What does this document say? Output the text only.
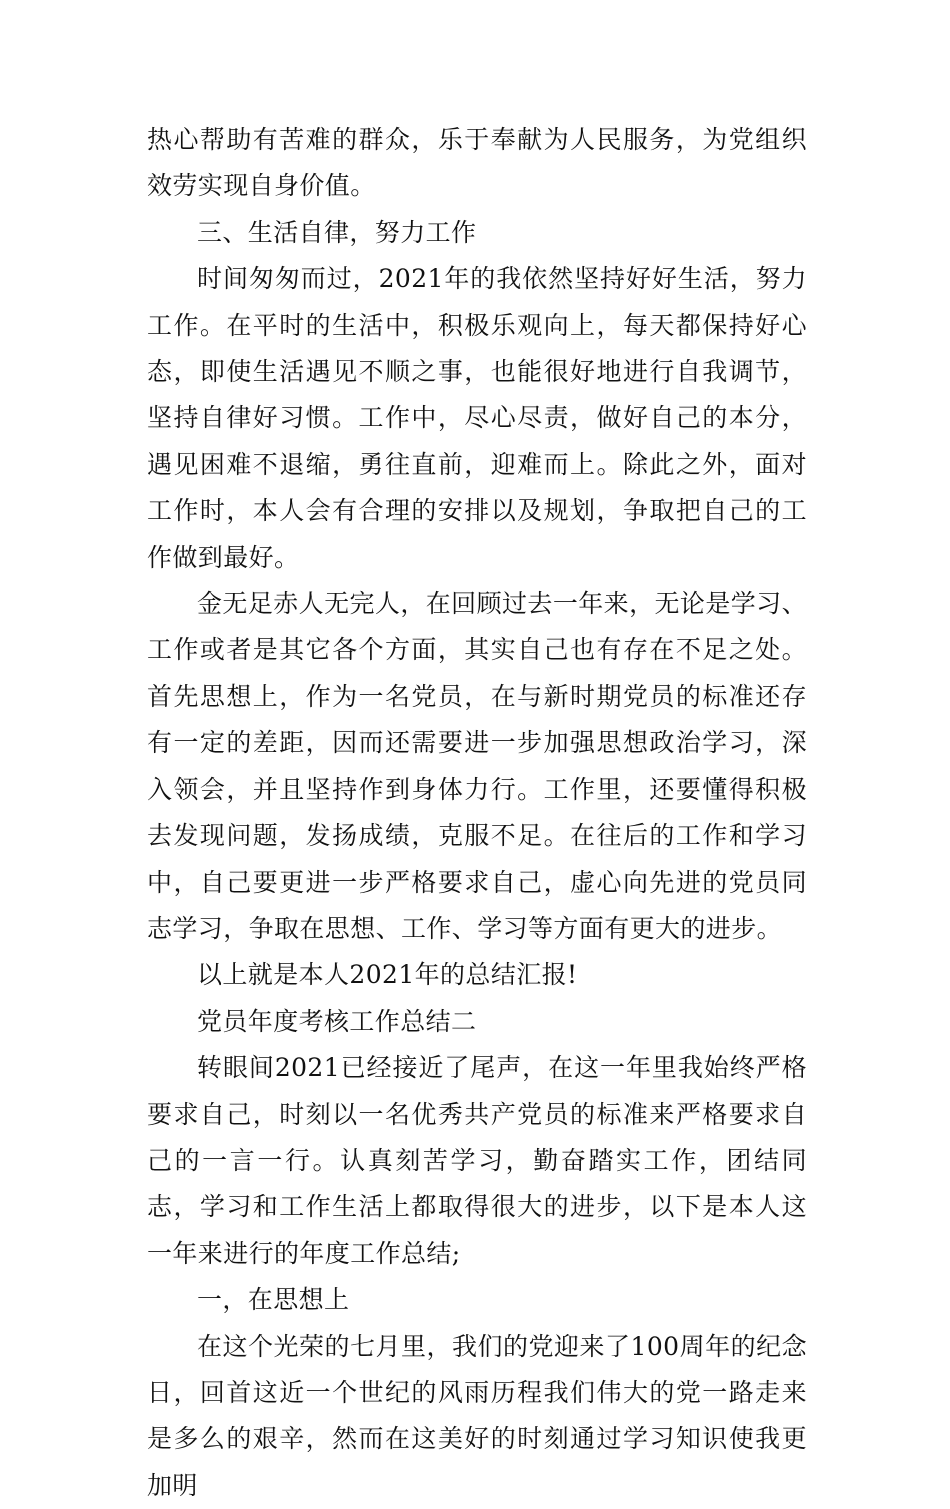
热心帮助有苦难的群众，乐于奉献为人民服务，为党组织效劳实现自身价值。

三、生活自律，努力工作

时间匆匆而过，2021年的我依然坚持好好生活，努力工作。在平时的生活中，积极乐观向上，每天都保持好心态，即使生活遇见不顺之事，也能很好地进行自我调节，坚持自律好习惯。工作中，尽心尽责，做好自己的本分，遇见困难不退缩，勇往直前，迎难而上。除此之外，面对工作时，本人会有合理的安排以及规划，争取把自己的工作做到最好。

金无足赤人无完人，在回顾过去一年来，无论是学习、工作或者是其它各个方面，其实自己也有存在不足之处。首先思想上，作为一名党员，在与新时期党员的标准还存有一定的差距，因而还需要进一步加强思想政治学习，深入领会，并且坚持作到身体力行。工作里，还要懂得积极去发现问题，发扬成绩，克服不足。在往后的工作和学习中，自己要更进一步严格要求自己，虚心向先进的党员同志学习，争取在思想、工作、学习等方面有更大的进步。

以上就是本人2021年的总结汇报!

党员年度考核工作总结二

转眼间2021已经接近了尾声，在这一年里我始终严格要求自己，时刻以一名优秀共产党员的标准来严格要求自己的一言一行。认真刻苦学习，勤奋踏实工作，团结同志，学习和工作生活上都取得很大的进步，以下是本人这一年来进行的年度工作总结;

一，在思想上

在这个光荣的七月里，我们的党迎来了100周年的纪念日，回首这近一个世纪的风雨历程我们伟大的党一路走来是多么的艰辛，然而在这美好的时刻通过学习知识使我更加明
